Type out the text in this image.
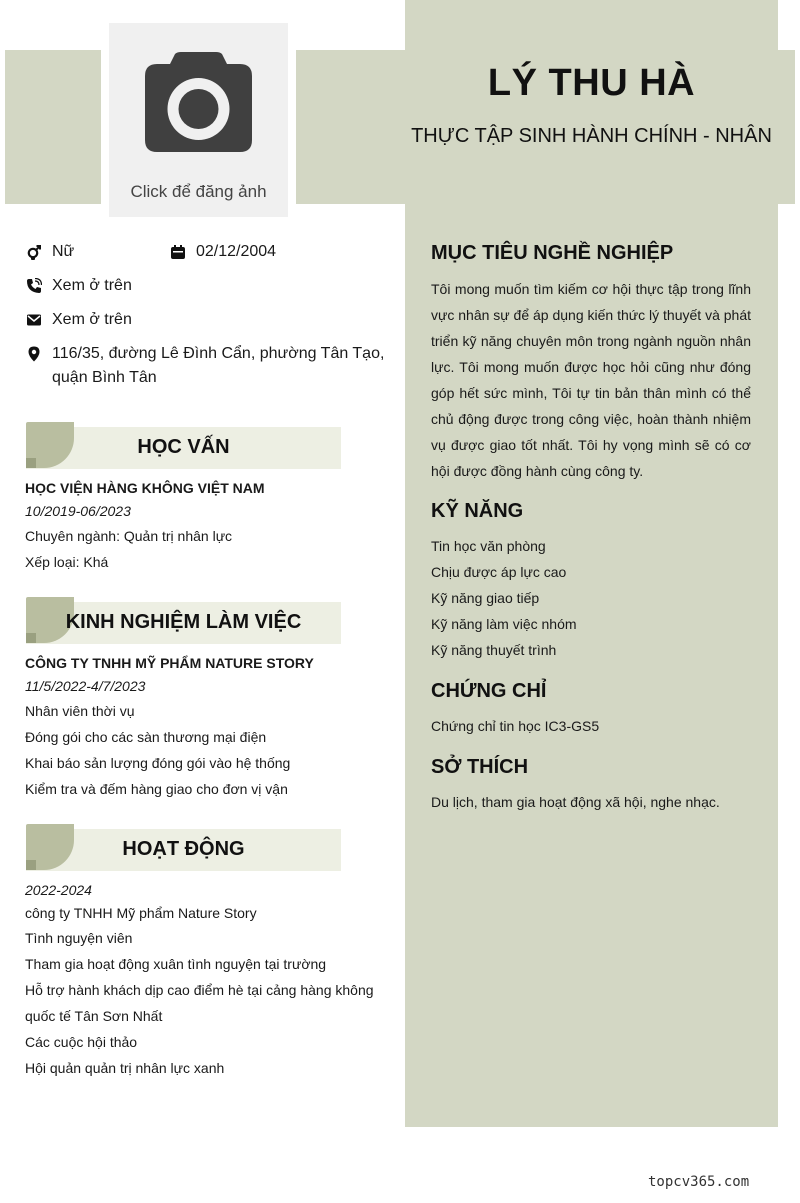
Click để đăng ảnh
LÝ THU HÀ
THỰC TẬP SINH HÀNH CHÍNH - NHÂN
Nữ	02/12/2004
Xem ở trên
Xem ở trên
116/35, đường Lê Đình Cẩn, phường Tân Tạo, quận Bình Tân
HỌC VẤN
HỌC VIỆN HÀNG KHÔNG VIỆT NAM
10/2019-06/2023
Chuyên ngành: Quản trị nhân lực
Xếp loại: Khá
KINH NGHIỆM LÀM VIỆC
CÔNG TY TNHH MỸ PHẨM NATURE STORY
11/5/2022-4/7/2023
Nhân viên thời vụ
Đóng gói cho các sàn thương mại điện
Khai báo sản lượng đóng gói vào hệ thống
Kiểm tra và đếm hàng giao cho đơn vị vận
HOẠT ĐỘNG
2022-2024
công ty TNHH Mỹ phẩm Nature Story
Tình nguyện viên
Tham gia hoạt động xuân tình nguyện tại trường
Hỗ trợ hành khách dịp cao điểm hè tại cảng hàng không
quốc tế Tân Sơn Nhất
Các cuộc hội thảo
Hội quản quản trị nhân lực xanh
MỤC TIÊU NGHỀ NGHIỆP
Tôi mong muốn tìm kiếm cơ hội thực tập trong lĩnh vực nhân sự để áp dụng kiến thức lý thuyết và phát triển kỹ năng chuyên môn trong ngành nguồn nhân lực. Tôi mong muốn được học hỏi cũng như đóng góp hết sức mình, Tôi tự tin bản thân mình có thể chủ động được trong công việc, hoàn thành nhiệm vụ được giao tốt nhất. Tôi hy vọng mình sẽ có cơ hội được đồng hành cùng công ty.
KỸ NĂNG
Tin học văn phòng
Chịu được áp lực cao
Kỹ năng giao tiếp
Kỹ năng làm việc nhóm
Kỹ năng thuyết trình
CHỨNG CHỈ
Chứng chỉ tin học IC3-GS5
SỞ THÍCH
Du lịch, tham gia hoạt động xã hội, nghe nhạc.
topcv365.com
